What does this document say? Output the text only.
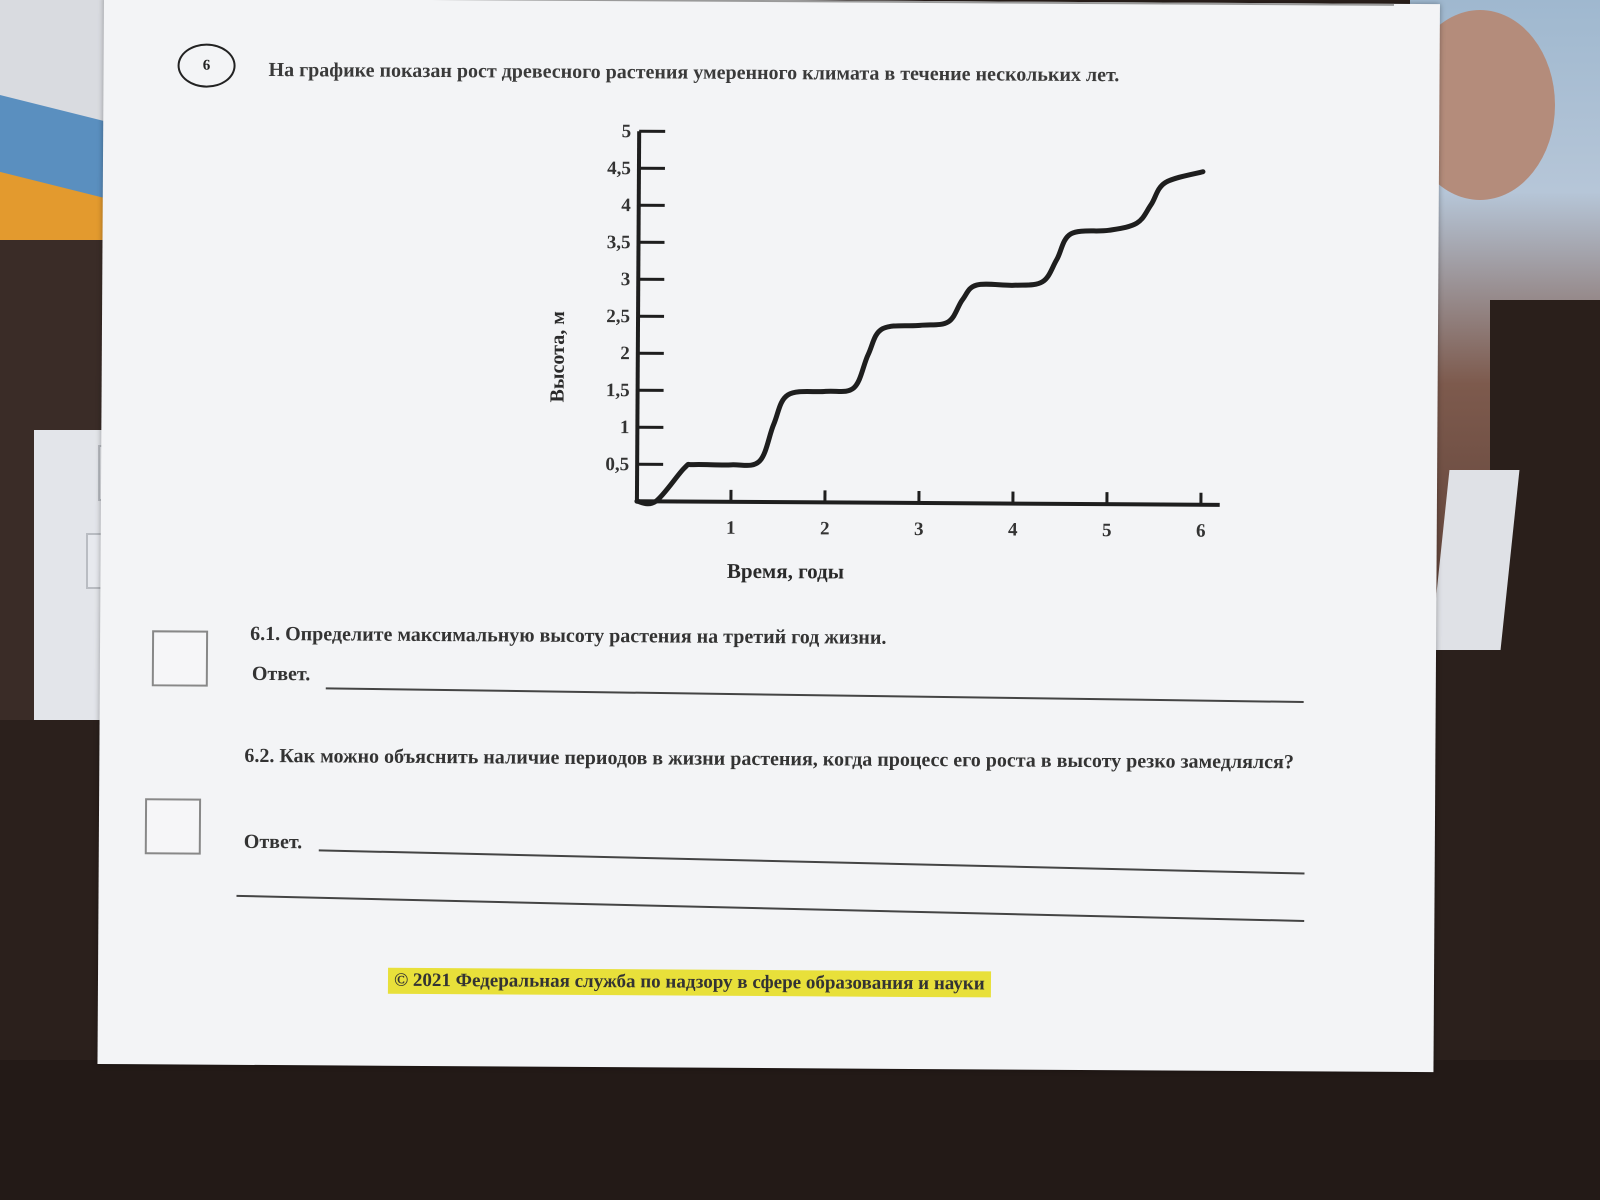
6	На графике показан рост древесного растения умеренного климата в течение нескольких лет.
0,5
1
1,5
2
2,5
3
3,5
4
4,5
5
1	2	3	4	5	6
Время, годы
Высота, м
6.1. Определите максимальную высоту растения на третий год жизни.
Ответ.
6.2. Как можно объяснить наличие периодов в жизни растения, когда процесс его роста в высоту резко замедлялся?
Ответ.
© 2021 Федеральная служба по надзору в сфере образования и науки
